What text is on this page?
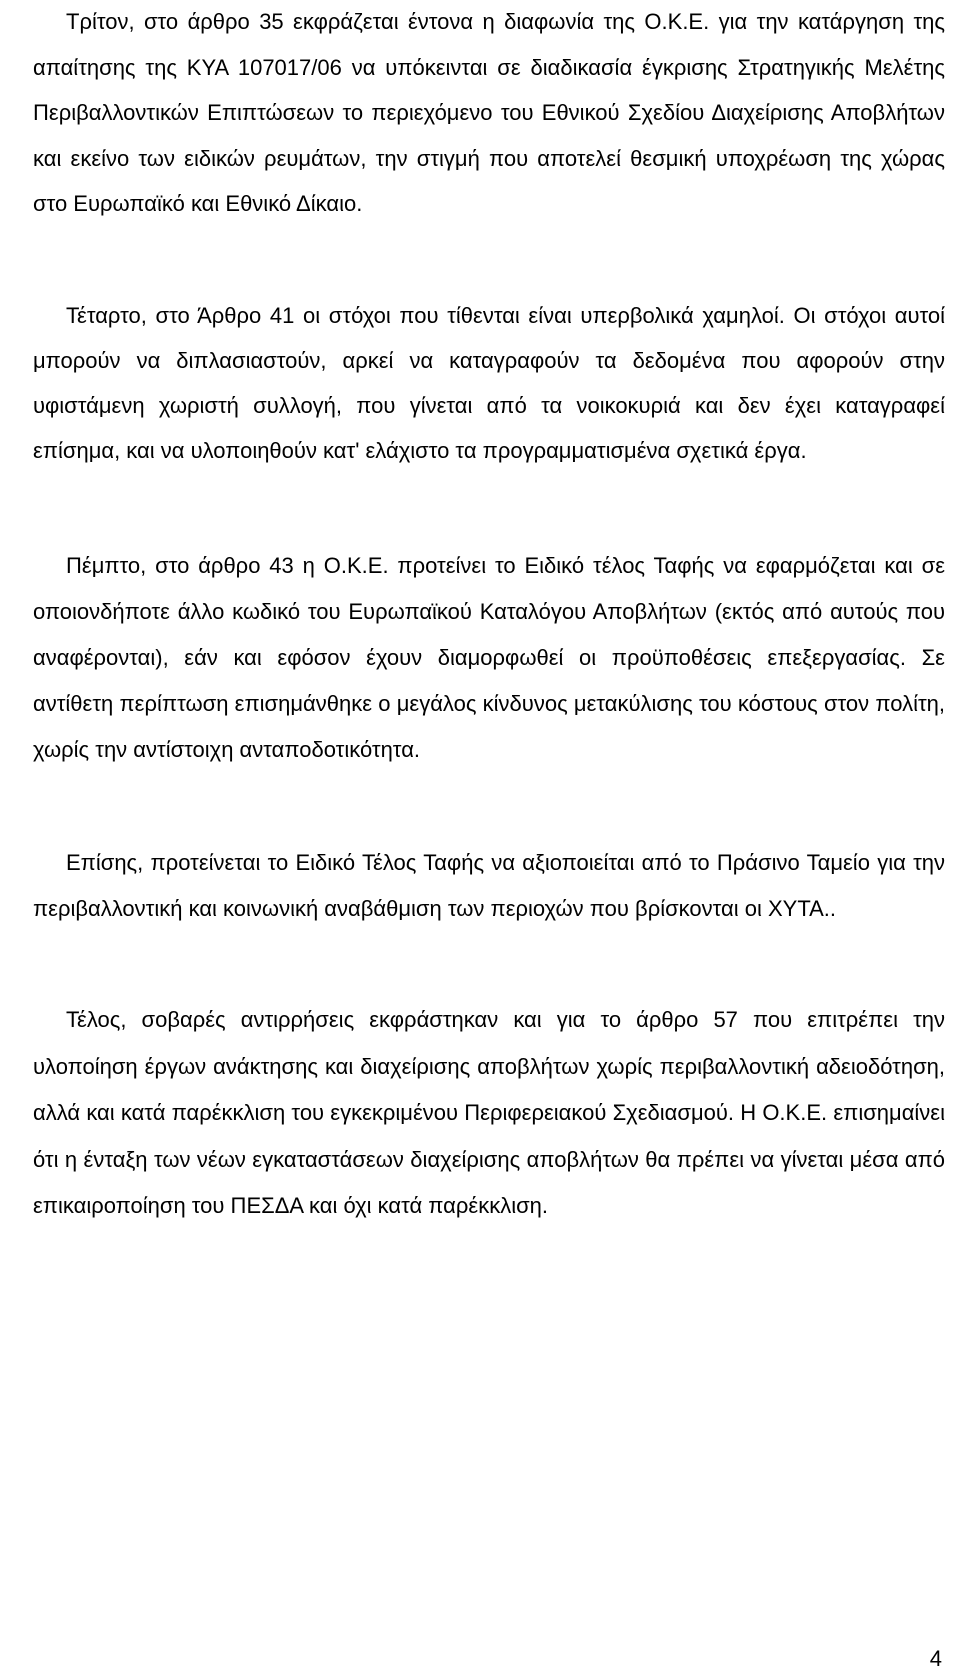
Τρίτον, στο άρθρο 35 εκφράζεται έντονα η διαφωνία της Ο.Κ.Ε. για την κατάργηση της απαίτησης της ΚΥΑ 107017/06 να υπόκεινται σε διαδικασία έγκρισης Στρατηγικής Μελέτης Περιβαλλοντικών Επιπτώσεων το περιεχόμενο του Εθνικού Σχεδίου Διαχείρισης Αποβλήτων και εκείνο των ειδικών ρευμάτων, την στιγμή που αποτελεί θεσμική υποχρέωση της χώρας στο Ευρωπαϊκό και Εθνικό Δίκαιο.

Τέταρτο, στο Άρθρο 41 οι στόχοι που τίθενται είναι υπερβολικά χαμηλοί. Οι στόχοι αυτοί μπορούν να διπλασιαστούν, αρκεί να καταγραφούν τα δεδομένα που αφορούν στην υφιστάμενη χωριστή συλλογή, που γίνεται από τα νοικοκυριά και δεν έχει καταγραφεί επίσημα, και να υλοποιηθούν κατ' ελάχιστο τα προγραμματισμένα σχετικά έργα.

Πέμπτο, στο άρθρο 43 η Ο.Κ.Ε. προτείνει το Ειδικό τέλος Ταφής να εφαρμόζεται και σε οποιονδήποτε άλλο κωδικό του Ευρωπαϊκού Καταλόγου Αποβλήτων (εκτός από αυτούς που αναφέρονται), εάν και εφόσον έχουν διαμορφωθεί οι προϋποθέσεις επεξεργασίας. Σε αντίθετη περίπτωση επισημάνθηκε ο μεγάλος κίνδυνος μετακύλισης του κόστους στον πολίτη, χωρίς την αντίστοιχη ανταποδοτικότητα.

Επίσης, προτείνεται το Ειδικό Τέλος Ταφής να αξιοποιείται από το Πράσινο Ταμείο για την περιβαλλοντική και κοινωνική αναβάθμιση των περιοχών που βρίσκονται οι ΧΥΤΑ..

Τέλος, σοβαρές αντιρρήσεις εκφράστηκαν και για το άρθρο 57 που επιτρέπει την υλοποίηση έργων ανάκτησης και διαχείρισης αποβλήτων χωρίς περιβαλλοντική αδειοδότηση, αλλά και κατά παρέκκλιση του εγκεκριμένου Περιφερειακού Σχεδιασμού. Η Ο.Κ.Ε. επισημαίνει ότι η ένταξη των νέων εγκαταστάσεων διαχείρισης αποβλήτων θα πρέπει να γίνεται μέσα από επικαιροποίηση του ΠΕΣΔΑ και όχι κατά παρέκκλιση.

4
